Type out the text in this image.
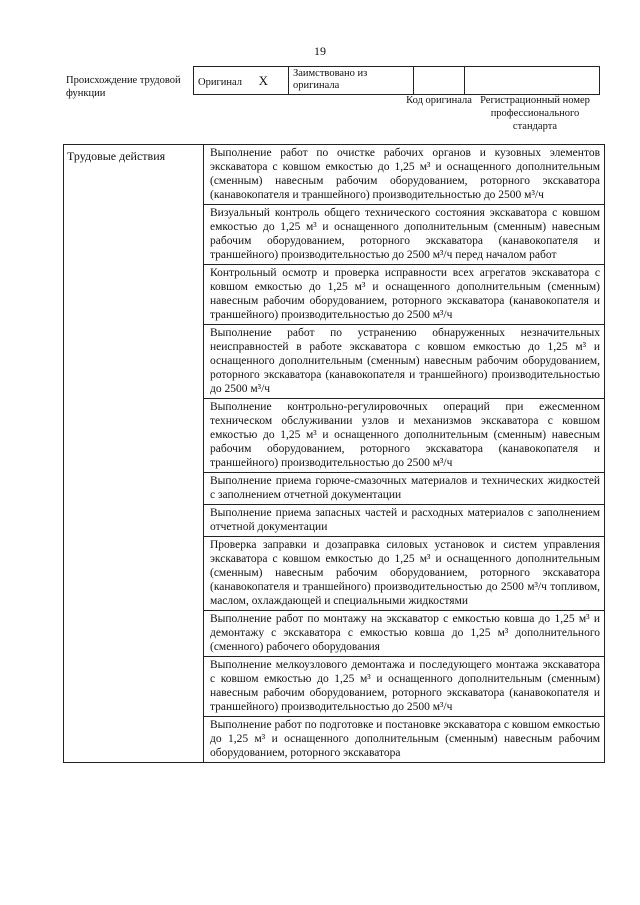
19
Происхождение трудовой функции
Оригинал X	Заимствовано из оригинала		
Код оригинала Регистрационный номер профессионального стандарта
Трудовые действия	Выполнение работ по очистке рабочих органов и кузовных элементов экскаватора с ковшом емкостью до 1,25 м³ и оснащенного дополнительным (сменным) навесным рабочим оборудованием, роторного экскаватора (канавокопателя и траншейного) производительностью до 2500 м³/ч
Визуальный контроль общего технического состояния экскаватора с ковшом емкостью до 1,25 м³ и оснащенного дополнительным (сменным) навесным рабочим оборудованием, роторного экскаватора (канавокопателя и траншейного) производительностью до 2500 м³/ч перед началом работ
Контрольный осмотр и проверка исправности всех агрегатов экскаватора с ковшом емкостью до 1,25 м³ и оснащенного дополнительным (сменным) навесным рабочим оборудованием, роторного экскаватора (канавокопателя и траншейного) производительностью до 2500 м³/ч
Выполнение работ по устранению обнаруженных незначительных неисправностей в работе экскаватора с ковшом емкостью до 1,25 м³ и оснащенного дополнительным (сменным) навесным рабочим оборудованием, роторного экскаватора (канавокопателя и траншейного) производительностью до 2500 м³/ч
Выполнение контрольно-регулировочных операций при ежесменном техническом обслуживании узлов и механизмов экскаватора с ковшом емкостью до 1,25 м³ и оснащенного дополнительным (сменным) навесным рабочим оборудованием, роторного экскаватора (канавокопателя и траншейного) производительностью до 2500 м³/ч
Выполнение приема горюче-смазочных материалов и технических жидкостей с заполнением отчетной документации
Выполнение приема запасных частей и расходных материалов с заполнением отчетной документации
Проверка заправки и дозаправка силовых установок и систем управления экскаватора с ковшом емкостью до 1,25 м³ и оснащенного дополнительным (сменным) навесным рабочим оборудованием, роторного экскаватора (канавокопателя и траншейного) производительностью до 2500 м³/ч топливом, маслом, охлаждающей и специальными жидкостями
Выполнение работ по монтажу на экскаватор с емкостью ковша до 1,25 м³ и демонтажу с экскаватора с емкостью ковша до 1,25 м³ дополнительного (сменного) рабочего оборудования
Выполнение мелкоузлового демонтажа и последующего монтажа экскаватора с ковшом емкостью до 1,25 м³ и оснащенного дополнительным (сменным) навесным рабочим оборудованием, роторного экскаватора (канавокопателя и траншейного) производительностью до 2500 м³/ч
Выполнение работ по подготовке и постановке экскаватора с ковшом емкостью до 1,25 м³ и оснащенного дополнительным (сменным) навесным рабочим оборудованием, роторного экскаватора
